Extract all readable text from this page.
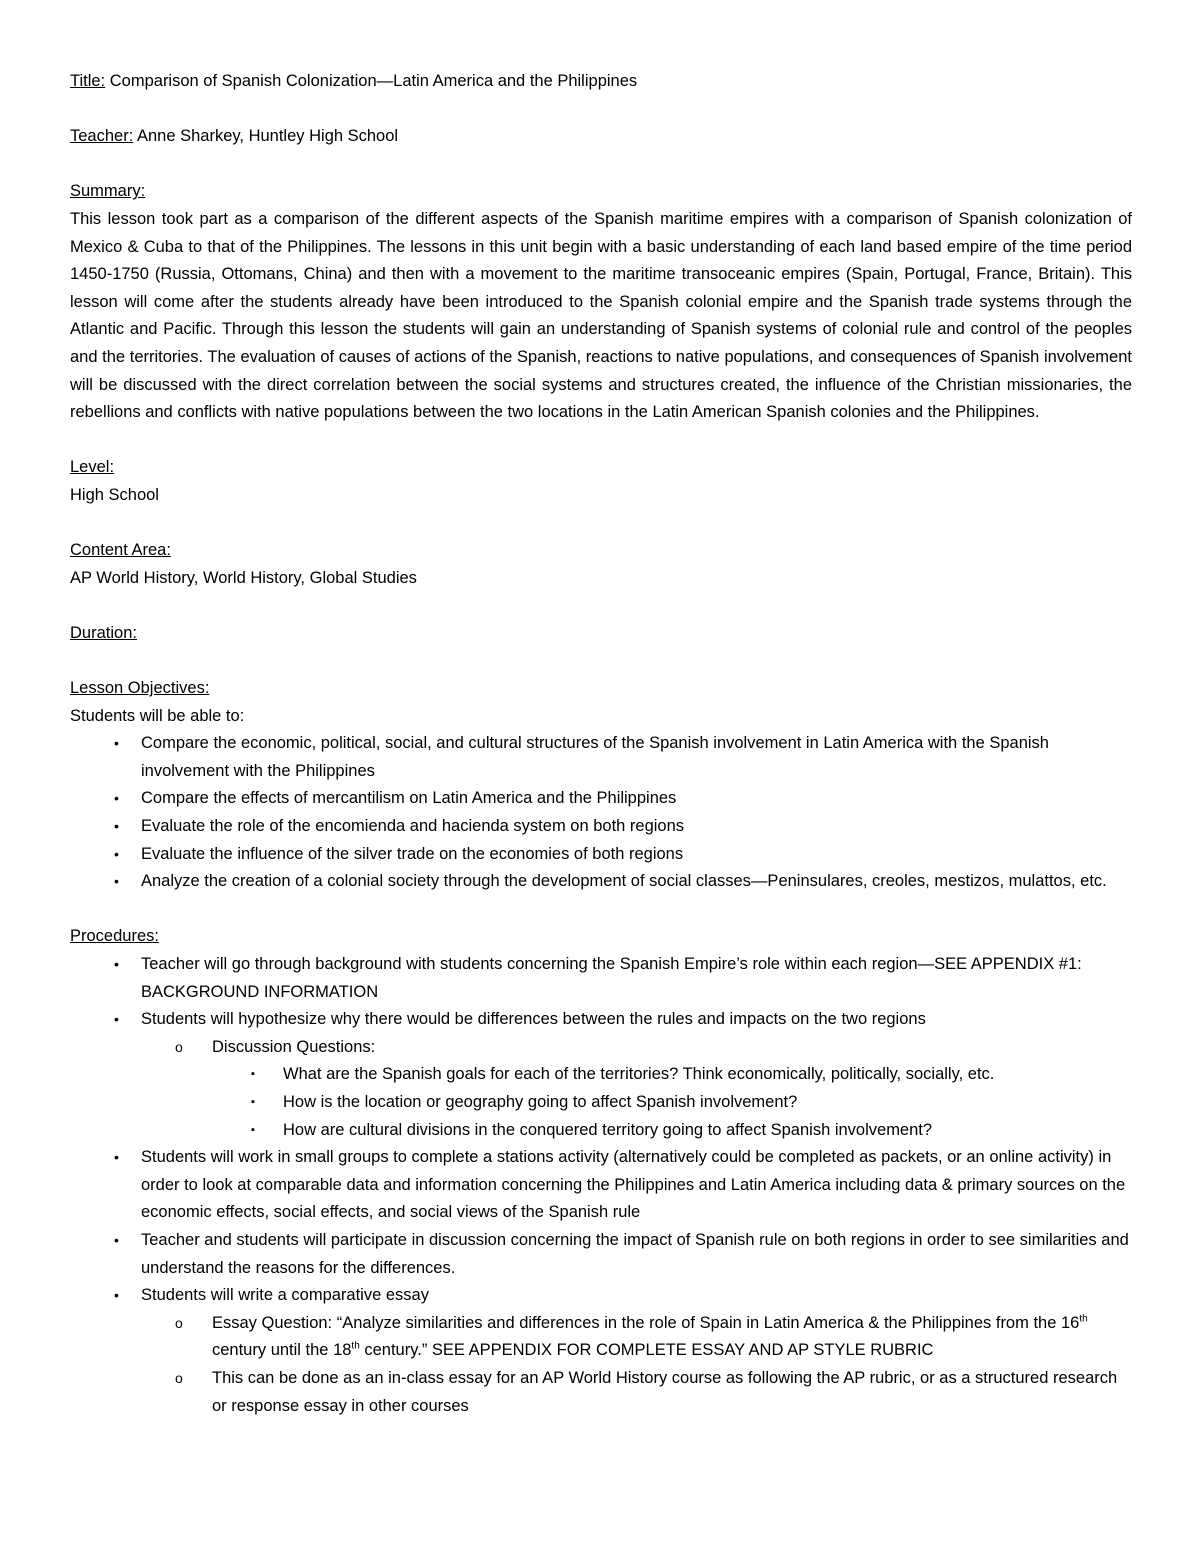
Title: Comparison of Spanish Colonization—Latin America and the Philippines

Teacher: Anne Sharkey, Huntley High School

Summary:

This lesson took part as a comparison of the different aspects of the Spanish maritime empires with a comparison of Spanish colonization of Mexico & Cuba to that of the Philippines. The lessons in this unit begin with a basic understanding of each land based empire of the time period 1450-1750 (Russia, Ottomans, China) and then with a movement to the maritime transoceanic empires (Spain, Portugal, France, Britain). This lesson will come after the students already have been introduced to the Spanish colonial empire and the Spanish trade systems through the Atlantic and Pacific. Through this lesson the students will gain an understanding of Spanish systems of colonial rule and control of the peoples and the territories. The evaluation of causes of actions of the Spanish, reactions to native populations, and consequences of Spanish involvement will be discussed with the direct correlation between the social systems and structures created, the influence of the Christian missionaries, the rebellions and conflicts with native populations between the two locations in the Latin American Spanish colonies and the Philippines.

Level:

High School

Content Area:

AP World History, World History, Global Studies

Duration:

Lesson Objectives:

Students will be able to:

• Compare the economic, political, social, and cultural structures of the Spanish involvement in Latin America with the Spanish involvement with the Philippines
• Compare the effects of mercantilism on Latin America and the Philippines
• Evaluate the role of the encomienda and hacienda system on both regions
• Evaluate the influence of the silver trade on the economies of both regions
• Analyze the creation of a colonial society through the development of social classes—Peninsulares, creoles, mestizos, mulattos, etc.

Procedures:

• Teacher will go through background with students concerning the Spanish Empire’s role within each region—SEE APPENDIX #1: BACKGROUND INFORMATION
• Students will hypothesize why there would be differences between the rules and impacts on the two regions
o Discussion Questions:
▪ What are the Spanish goals for each of the territories? Think economically, politically, socially, etc.
▪ How is the location or geography going to affect Spanish involvement?
▪ How are cultural divisions in the conquered territory going to affect Spanish involvement?
• Students will work in small groups to complete a stations activity (alternatively could be completed as packets, or an online activity) in order to look at comparable data and information concerning the Philippines and Latin America including data & primary sources on the economic effects, social effects, and social views of the Spanish rule
• Teacher and students will participate in discussion concerning the impact of Spanish rule on both regions in order to see similarities and understand the reasons for the differences.
• Students will write a comparative essay
o Essay Question: “Analyze similarities and differences in the role of Spain in Latin America & the Philippines from the 16th century until the 18th century.” SEE APPENDIX FOR COMPLETE ESSAY AND AP STYLE RUBRIC
o This can be done as an in-class essay for an AP World History course as following the AP rubric, or as a structured research or response essay in other courses
